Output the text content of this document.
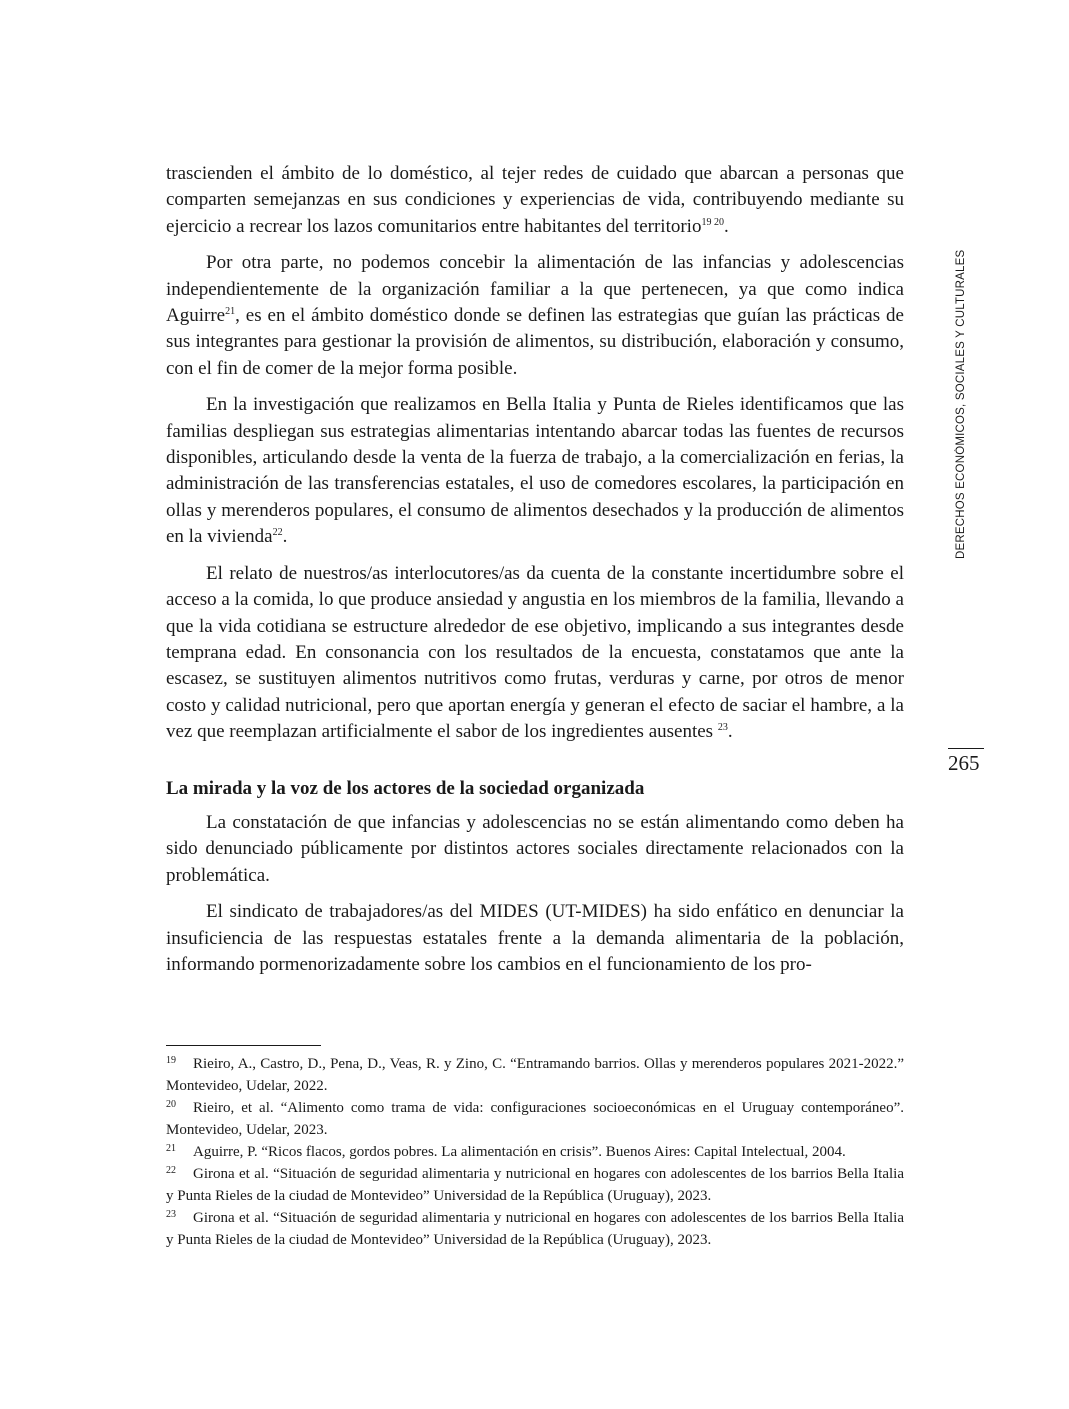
DERECHOS ECONÓMICOS, SOCIALES Y CULTURALES
265

trascienden el ámbito de lo doméstico, al tejer redes de cuidado que abarcan a personas que comparten semejanzas en sus condiciones y experiencias de vida, contribuyendo mediante su ejercicio a recrear los lazos comunitarios entre habitantes del territorio$^{19 20}$.

Por otra parte, no podemos concebir la alimentación de las infancias y adolescencias independientemente de la organización familiar a la que pertenecen, ya que como indica Aguirre$^{21}$, es en el ámbito doméstico donde se definen las estrategias que guían las prácticas de sus integrantes para gestionar la provisión de alimentos, su distribución, elaboración y consumo, con el fin de comer de la mejor forma posible.

En la investigación que realizamos en Bella Italia y Punta de Rieles identificamos que las familias despliegan sus estrategias alimentarias intentando abarcar todas las fuentes de recursos disponibles, articulando desde la venta de la fuerza de trabajo, a la comercialización en ferias, la administración de las transferencias estatales, el uso de comedores escolares, la participación en ollas y merenderos populares, el consumo de alimentos desechados y la producción de alimentos en la vivienda$^{22}$.

El relato de nuestros/as interlocutores/as da cuenta de la constante incertidumbre sobre el acceso a la comida, lo que produce ansiedad y angustia en los miembros de la familia, llevando a que la vida cotidiana se estructure alrededor de ese objetivo, implicando a sus integrantes desde temprana edad. En consonancia con los resultados de la encuesta, constatamos que ante la escasez, se sustituyen alimentos nutritivos como frutas, verduras y carne, por otros de menor costo y calidad nutricional, pero que aportan energía y generan el efecto de saciar el hambre, a la vez que reemplazan artificialmente el sabor de los ingredientes ausentes $^{23}$.

La mirada y la voz de los actores de la sociedad organizada

La constatación de que infancias y adolescencias no se están alimentando como deben ha sido denunciado públicamente por distintos actores sociales directamente relacionados con la problemática.

El sindicato de trabajadores/as del MIDES (UT-MIDES) ha sido enfático en denunciar la insuficiencia de las respuestas estatales frente a la demanda alimentaria de la población, informando pormenorizadamente sobre los cambios en el funcionamiento de los pro-

19 Rieiro, A., Castro, D., Pena, D., Veas, R. y Zino, C. “Entramando barrios. Ollas y merenderos populares 2021-2022.” Montevideo, Udelar, 2022.

20 Rieiro, et al. “Alimento como trama de vida: configuraciones socioeconómicas en el Uruguay contemporáneo”. Montevideo, Udelar, 2023.

21 Aguirre, P. “Ricos flacos, gordos pobres. La alimentación en crisis”. Buenos Aires: Capital Intelectual, 2004.

22 Girona et al. “Situación de seguridad alimentaria y nutricional en hogares con adolescentes de los barrios Bella Italia y Punta Rieles de la ciudad de Montevideo” Universidad de la República (Uruguay), 2023.

23 Girona et al. “Situación de seguridad alimentaria y nutricional en hogares con adolescentes de los barrios Bella Italia y Punta Rieles de la ciudad de Montevideo” Universidad de la República (Uruguay), 2023.
